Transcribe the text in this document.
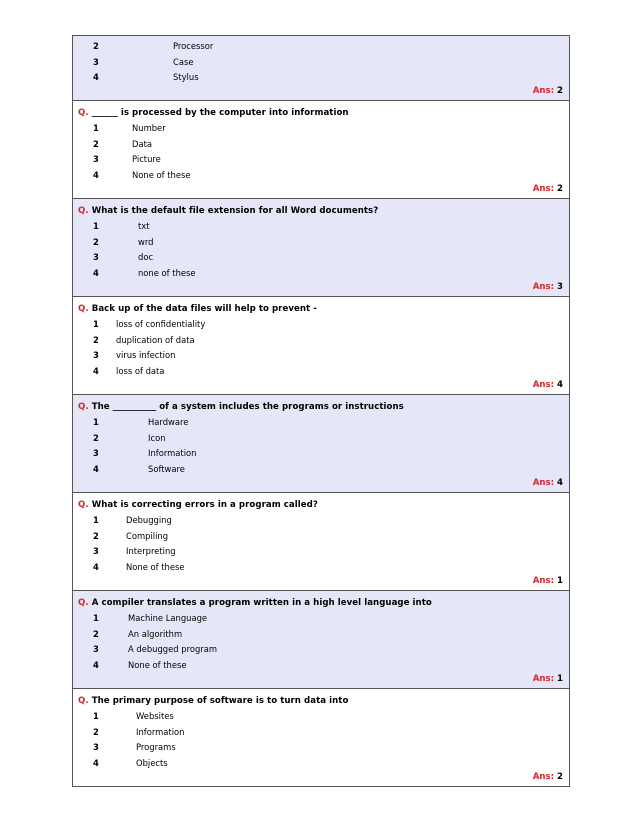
2	Processor
3	Case
4	Stylus
Ans: 2
Q. ______ is processed by the computer into information
1	Number
2	Data
3	Picture
4	None of these
Ans: 2
Q. What is the default file extension for all Word documents?
1	txt
2	wrd
3	doc
4	none of these
Ans: 3
Q. Back up of the data files will help to prevent -
1 loss of confidentiality
2 duplication of data
3 virus infection
4 loss of data
Ans: 4
Q. The __________ of a system includes the programs or instructions
1	Hardware
2	Icon
3	Information
4	Software
Ans: 4
Q. What is correcting errors in a program called?
1	Debugging
2	Compiling
3	Interpreting
4	None of these
Ans: 1
Q. A compiler translates a program written in a high level language into
1	Machine Language
2	An algorithm
3	A debugged program
4	None of these
Ans: 1
Q. The primary purpose of software is to turn data into
1	Websites
2	Information
3	Programs
4	Objects
Ans: 2
